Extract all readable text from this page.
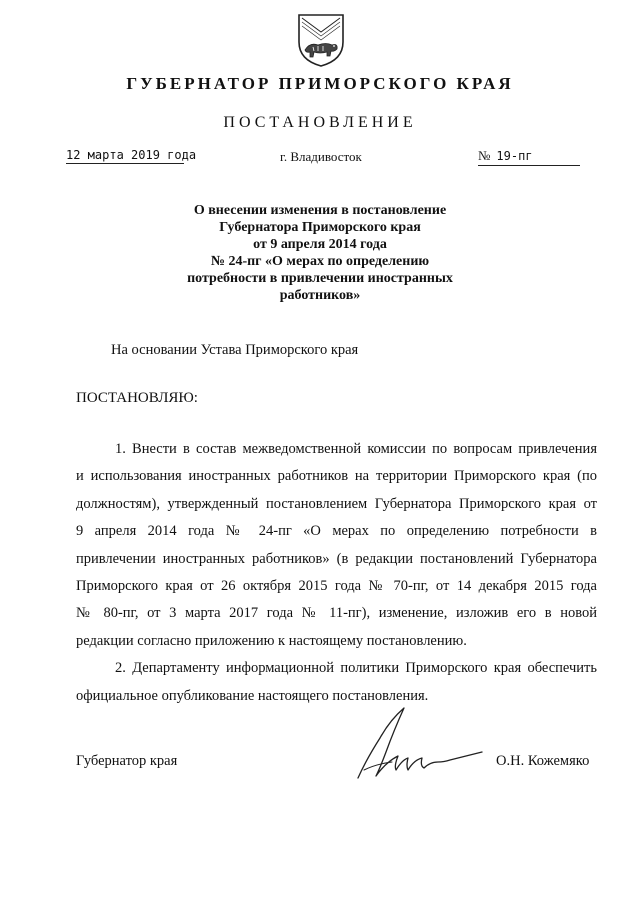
ГУБЕРНАТОР ПРИМОРСКОГО КРАЯ
ПОСТАНОВЛЕНИЕ
12 марта 2019 года	г. Владивосток	№ 19-пг
О внесении изменения в постановление
Губернатора Приморского края
от 9 апреля 2014 года
№ 24-пг «О мерах по определению
потребности в привлечении иностранных
работников»
На основании Устава Приморского края
ПОСТАНОВЛЯЮ:
1. Внести в состав межведомственной комиссии по вопросам привлечения
и использования иностранных работников на территории Приморского края (по
должностям), утвержденный постановлением Губернатора Приморского края от
9 апреля 2014 года № 24-пг «О мерах по определению потребности в
привлечении иностранных работников» (в редакции постановлений Губернатора
Приморского края от 26 октября 2015 года № 70-пг, от 14 декабря 2015 года
№ 80-пг, от 3 марта 2017 года № 11-пг), изменение, изложив его в новой
редакции согласно приложению к настоящему постановлению.
2. Департаменту информационной политики Приморского края обеспечить
официальное опубликование настоящего постановления.
Губернатор края	О.Н. Кожемяко
